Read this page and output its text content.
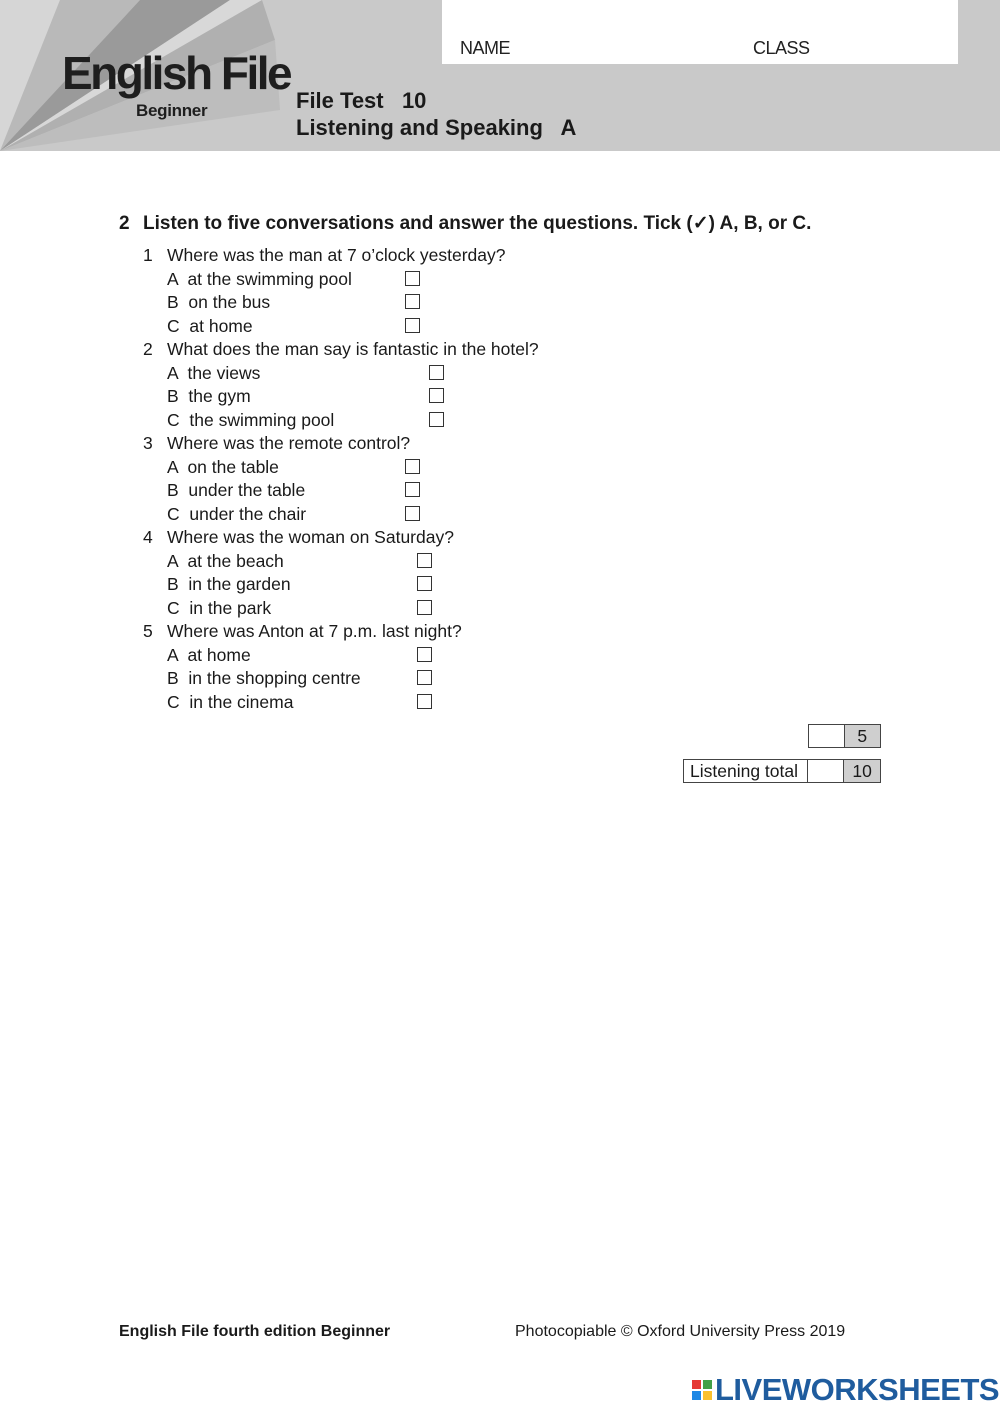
English File
Beginner
NAME	CLASS
File Test   10
Listening and Speaking   A
2 Listen to five conversations and answer the questions. Tick (✓) A, B, or C.
1 Where was the man at 7 o’clock yesterday?
A at the swimming pool
B on the bus
C at home
2 What does the man say is fantastic in the hotel?
A the views
B the gym
C the swimming pool
3 Where was the remote control?
A on the table
B under the table
C under the chair
4 Where was the woman on Saturday?
A at the beach
B in the garden
C in the park
5 Where was Anton at 7 p.m. last night?
A at home
B in the shopping centre
C in the cinema
5
Listening total	10
English File fourth edition Beginner	Photocopiable © Oxford University Press 2019
LIVEWORKSHEETS
